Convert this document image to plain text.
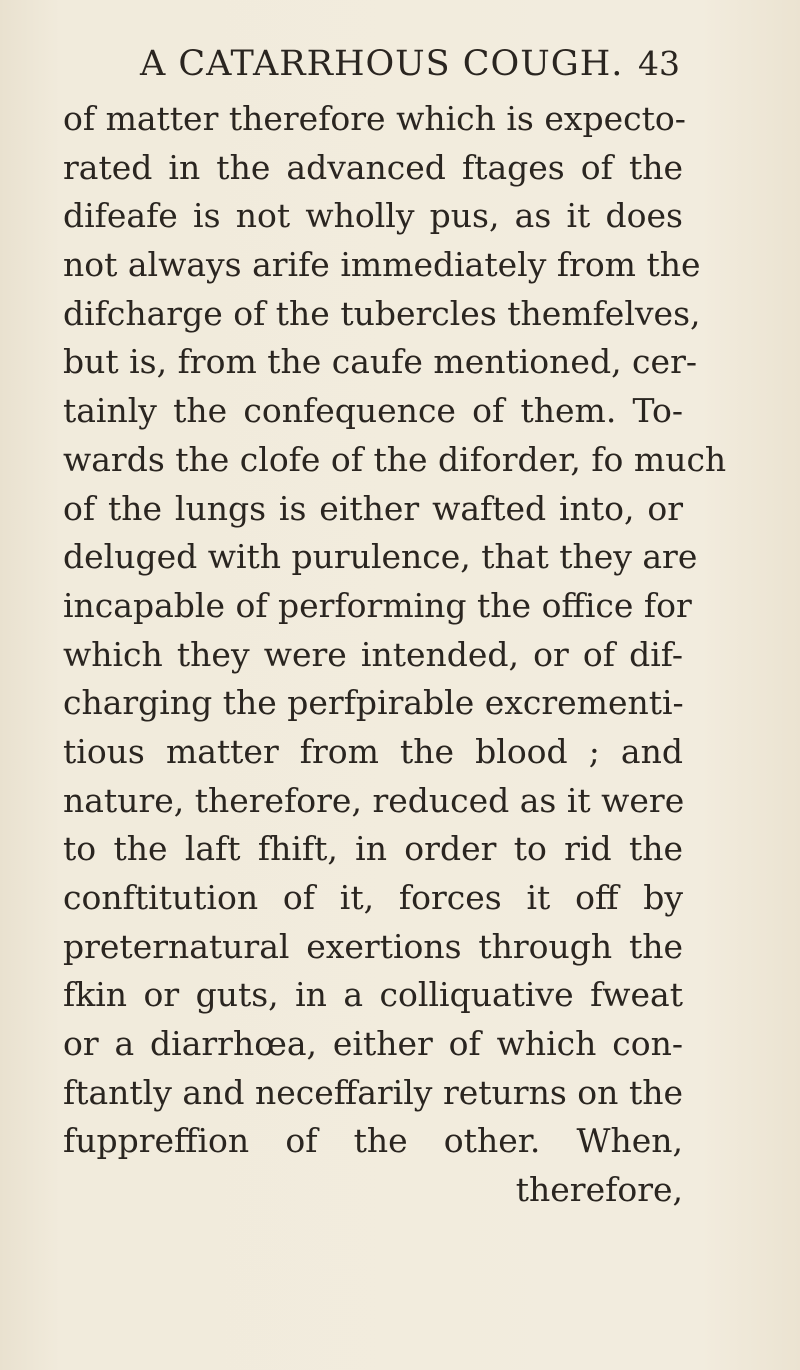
A CATARRHOUS COUGH. 43
of matter therefore which is expecto-
rated in the advanced ftages of the
difeafe is not wholly pus, as it does
not always arife immediately from the
difcharge of the tubercles themfelves,
but is, from the caufe mentioned, cer-
tainly the confequence of them. To-
wards the clofe of the diforder, fo much
of the lungs is either wafted into, or
deluged with purulence, that they are
incapable of performing the office for
which they were intended, or of dif-
charging the perfpirable excrementi-
tious matter from the blood ; and
nature, therefore, reduced as it were
to the laft fhift, in order to rid the
conftitution of it, forces it off by
preternatural exertions through the
fkin or guts, in a colliquative fweat
or a diarrhœa, either of which con-
ftantly and neceffarily returns on the
fuppreffion of the other. When,
therefore,
